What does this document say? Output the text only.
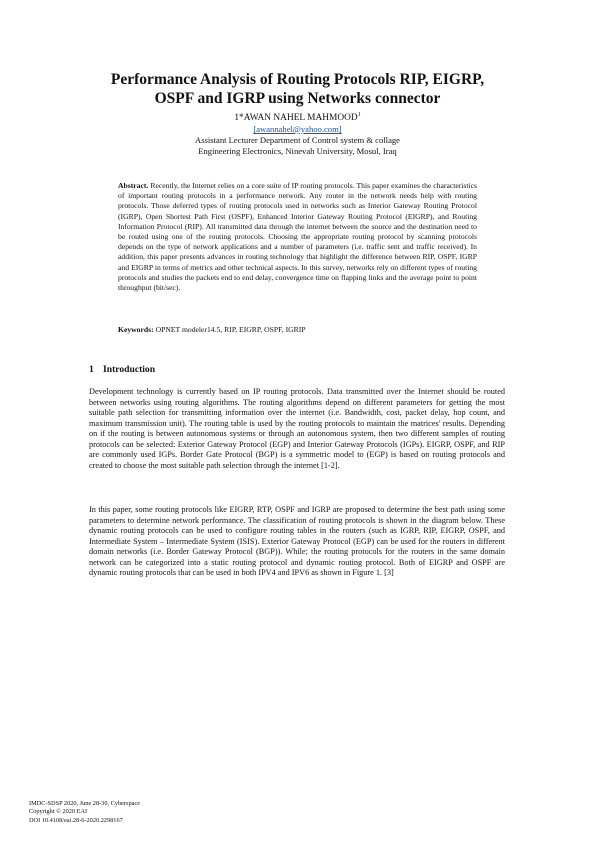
Performance Analysis of Routing Protocols RIP, EIGRP,
OSPF and IGRP using Networks connector
1*AWAN NAHEL MAHMOOD$^1$
[awannahel@yahoo.com]
Assistant Lecturer Department of Control system & collage
Engineering Electronics, Ninevah University, Mosul, Iraq
Abstract. Recently, the Internet relies on a core suite of IP routing protocols. This paper examines the characteristics of important routing protocols in a performance network. Any router in the network needs help with routing protocols. Those deferred types of routing protocols used in networks such as Interior Gateway Routing Protocol (IGRP), Open Shortest Path First (OSPF), Enhanced Interior Gateway Routing Protocol (EIGRP), and Routing Information Protocol (RIP). All transmitted data through the internet between the source and the destination need to be routed using one of the routing protocols. Choosing the appropriate routing protocol by scanning protocols depends on the type of network applications and a number of parameters (i.e. traffic sent and traffic received). In addition, this paper presents advances in routing technology that highlight the difference between RIP, OSPF, IGRP and EIGRP in terms of metrics and other technical aspects. In this survey, networks rely on different types of routing protocols and studies the packets end to end delay, convergence time on flapping links and the average point to point throughput (bit/sec).
Keywords: OPNET modeler14.5, RIP, EIGRP, OSPF, IGRIP
1 Introduction
Development technology is currently based on IP routing protocols. Data transmitted over the Internet should be routed between networks using routing algorithms. The routing algorithms depend on different parameters for getting the most suitable path selection for transmitting information over the internet (i.e. Bandwidth, cost, packet delay, hop count, and maximum transmission unit). The routing table is used by the routing protocols to maintain the matrices' results. Depending on if the routing is between autonomous systems or through an autonomous system, then two different samples of routing protocols can be selected: Exterior Gateway Protocol (EGP) and Interior Gateway Protocols (IGPs). EIGRP, OSPF, and RIP are commonly used IGPs. Border Gate Protocol (BGP) is a symmetric model to (EGP) is based on routing protocols and created to choose the most suitable path selection through the internet [1-2].
In this paper, some routing protocols like EIGRP, RTP, OSPF and IGRP are proposed to determine the best path using some parameters to determine network performance. The classification of routing protocols is shown in the diagram below. These dynamic routing protocols can be used to configure routing tables in the routers (such as IGRP, RIP, EIGRP, OSPF, and Intermediate System – Intermediate System (ISIS). Exterior Gateway Protocol (EGP) can be used for the routers in different domain networks (i.e. Border Gateway Protocol (BGP)). While; the routing protocols for the routers in the same domain network can be categorized into a static routing protocol and dynamic routing protocol. Both of EIGRP and OSPF are dynamic routing protocols that can be used in both IPV4 and IPV6 as shown in Figure 1. [3]
IMDC-SDSP 2020, June 28-30, Cyberspace
Copyright © 2020 EAI
DOI 10.4108/eai.28-6-2020.2298167
